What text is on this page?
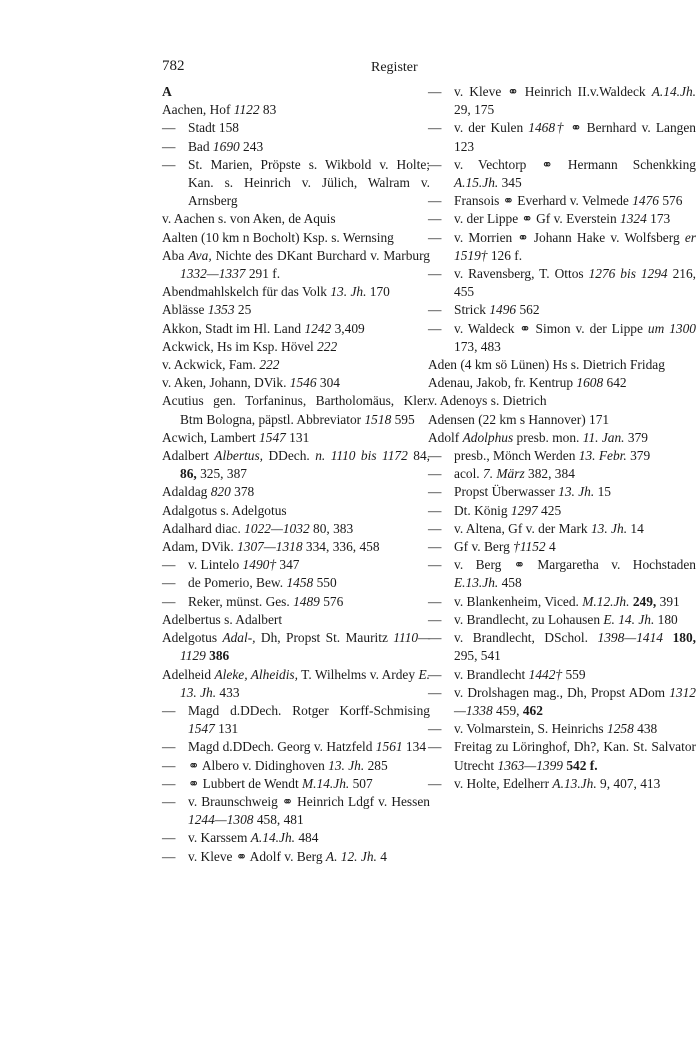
782	Register
A
Aachen, Hof 1122 83
— Stadt 158
— Bad 1690 243
— St. Marien, Pröpste s. Wikbold v. Holte; Kan. s. Heinrich v. Jülich, Walram v. Arnsberg
v. Aachen s. von Aken, de Aquis
Aalten (10 km n Bocholt) Ksp. s. Wernsing
Aba Ava, Nichte des DKant Burchard v. Marburg 1332—1337 291 f.
Abendmahlskelch für das Volk 13. Jh. 170
Ablässe 1353 25
Akkon, Stadt im Hl. Land 1242 3,409
Ackwick, Hs im Ksp. Hövel 222
v. Ackwick, Fam. 222
v. Aken, Johann, DVik. 1546 304
Acutius gen. Torfaninus, Bartholomäus, Kler. Btm Bologna, päpstl. Abbreviator 1518 595
Acwich, Lambert 1547 131
Adalbert Albertus, DDech. n. 1110 bis 1172 84, 86, 325, 387
Adaldag 820 378
Adalgotus s. Adelgotus
Adalhard diac. 1022—1032 80, 383
Adam, DVik. 1307—1318 334, 336, 458
— v. Lintelo 1490† 347
— de Pomerio, Bew. 1458 550
— Reker, münst. Ges. 1489 576
Adelbertus s. Adalbert
Adelgotus Adal-, Dh, Propst St. Mauritz 1110—1129 386
Adelheid Aleke, Alheidis, T. Wilhelms v. Ardey E. 13. Jh. 433
— Magd d.DDech. Rotger Korff-Schmising 1547 131
— Magd d.DDech. Georg v. Hatzfeld 1561 134
— ⚭ Albero v. Didinghoven 13. Jh. 285
— ⚭ Lubbert de Wendt M.14.Jh. 507
— v. Braunschweig ⚭ Heinrich Ldgf v. Hessen 1244—1308 458, 481
— v. Karssem A.14.Jh. 484
— v. Kleve ⚭ Adolf v. Berg A. 12. Jh. 4
— v. Kleve ⚭ Heinrich II.v.Waldeck A.14.Jh. 29, 175
— v. der Kulen 1468† ⚭ Bernhard v. Langen 123
— v. Vechtorp ⚭ Hermann Schenkking A.15.Jh. 345
— Fransois ⚭ Everhard v. Velmede 1476 576
— v. der Lippe ⚭ Gf v. Everstein 1324 173
— v. Morrien ⚭ Johann Hake v. Wolfsberg er 1519† 126 f.
— v. Ravensberg, T. Ottos 1276 bis 1294 216, 455
— Strick 1496 562
— v. Waldeck ⚭ Simon v. der Lippe um 1300 173, 483
Aden (4 km sö Lünen) Hs s. Dietrich Fridag
Adenau, Jakob, fr. Kentrup 1608 642
v. Adenoys s. Dietrich
Adensen (22 km s Hannover) 171
Adolf Adolphus presb. mon. 11. Jan. 379
— presb., Mönch Werden 13. Febr. 379
— acol. 7. März 382, 384
— Propst Überwasser 13. Jh. 15
— Dt. König 1297 425
— v. Altena, Gf v. der Mark 13. Jh. 14
— Gf v. Berg †1152 4
— v. Berg ⚭ Margaretha v. Hochstaden E.13.Jh. 458
— v. Blankenheim, Viced. M.12.Jh. 249, 391
— v. Brandlecht, zu Lohausen E. 14. Jh. 180
— v. Brandlecht, DSchol. 1398—1414 180, 295, 541
— v. Brandlecht 1442† 559
— v. Drolshagen mag., Dh, Propst ADom 1312—1338 459, 462
— v. Volmarstein, S. Heinrichs 1258 438
— Freitag zu Löringhof, Dh?, Kan. St. Salvator Utrecht 1363—1399 542 f.
— v. Holte, Edelherr A.13.Jh. 9, 407, 413
